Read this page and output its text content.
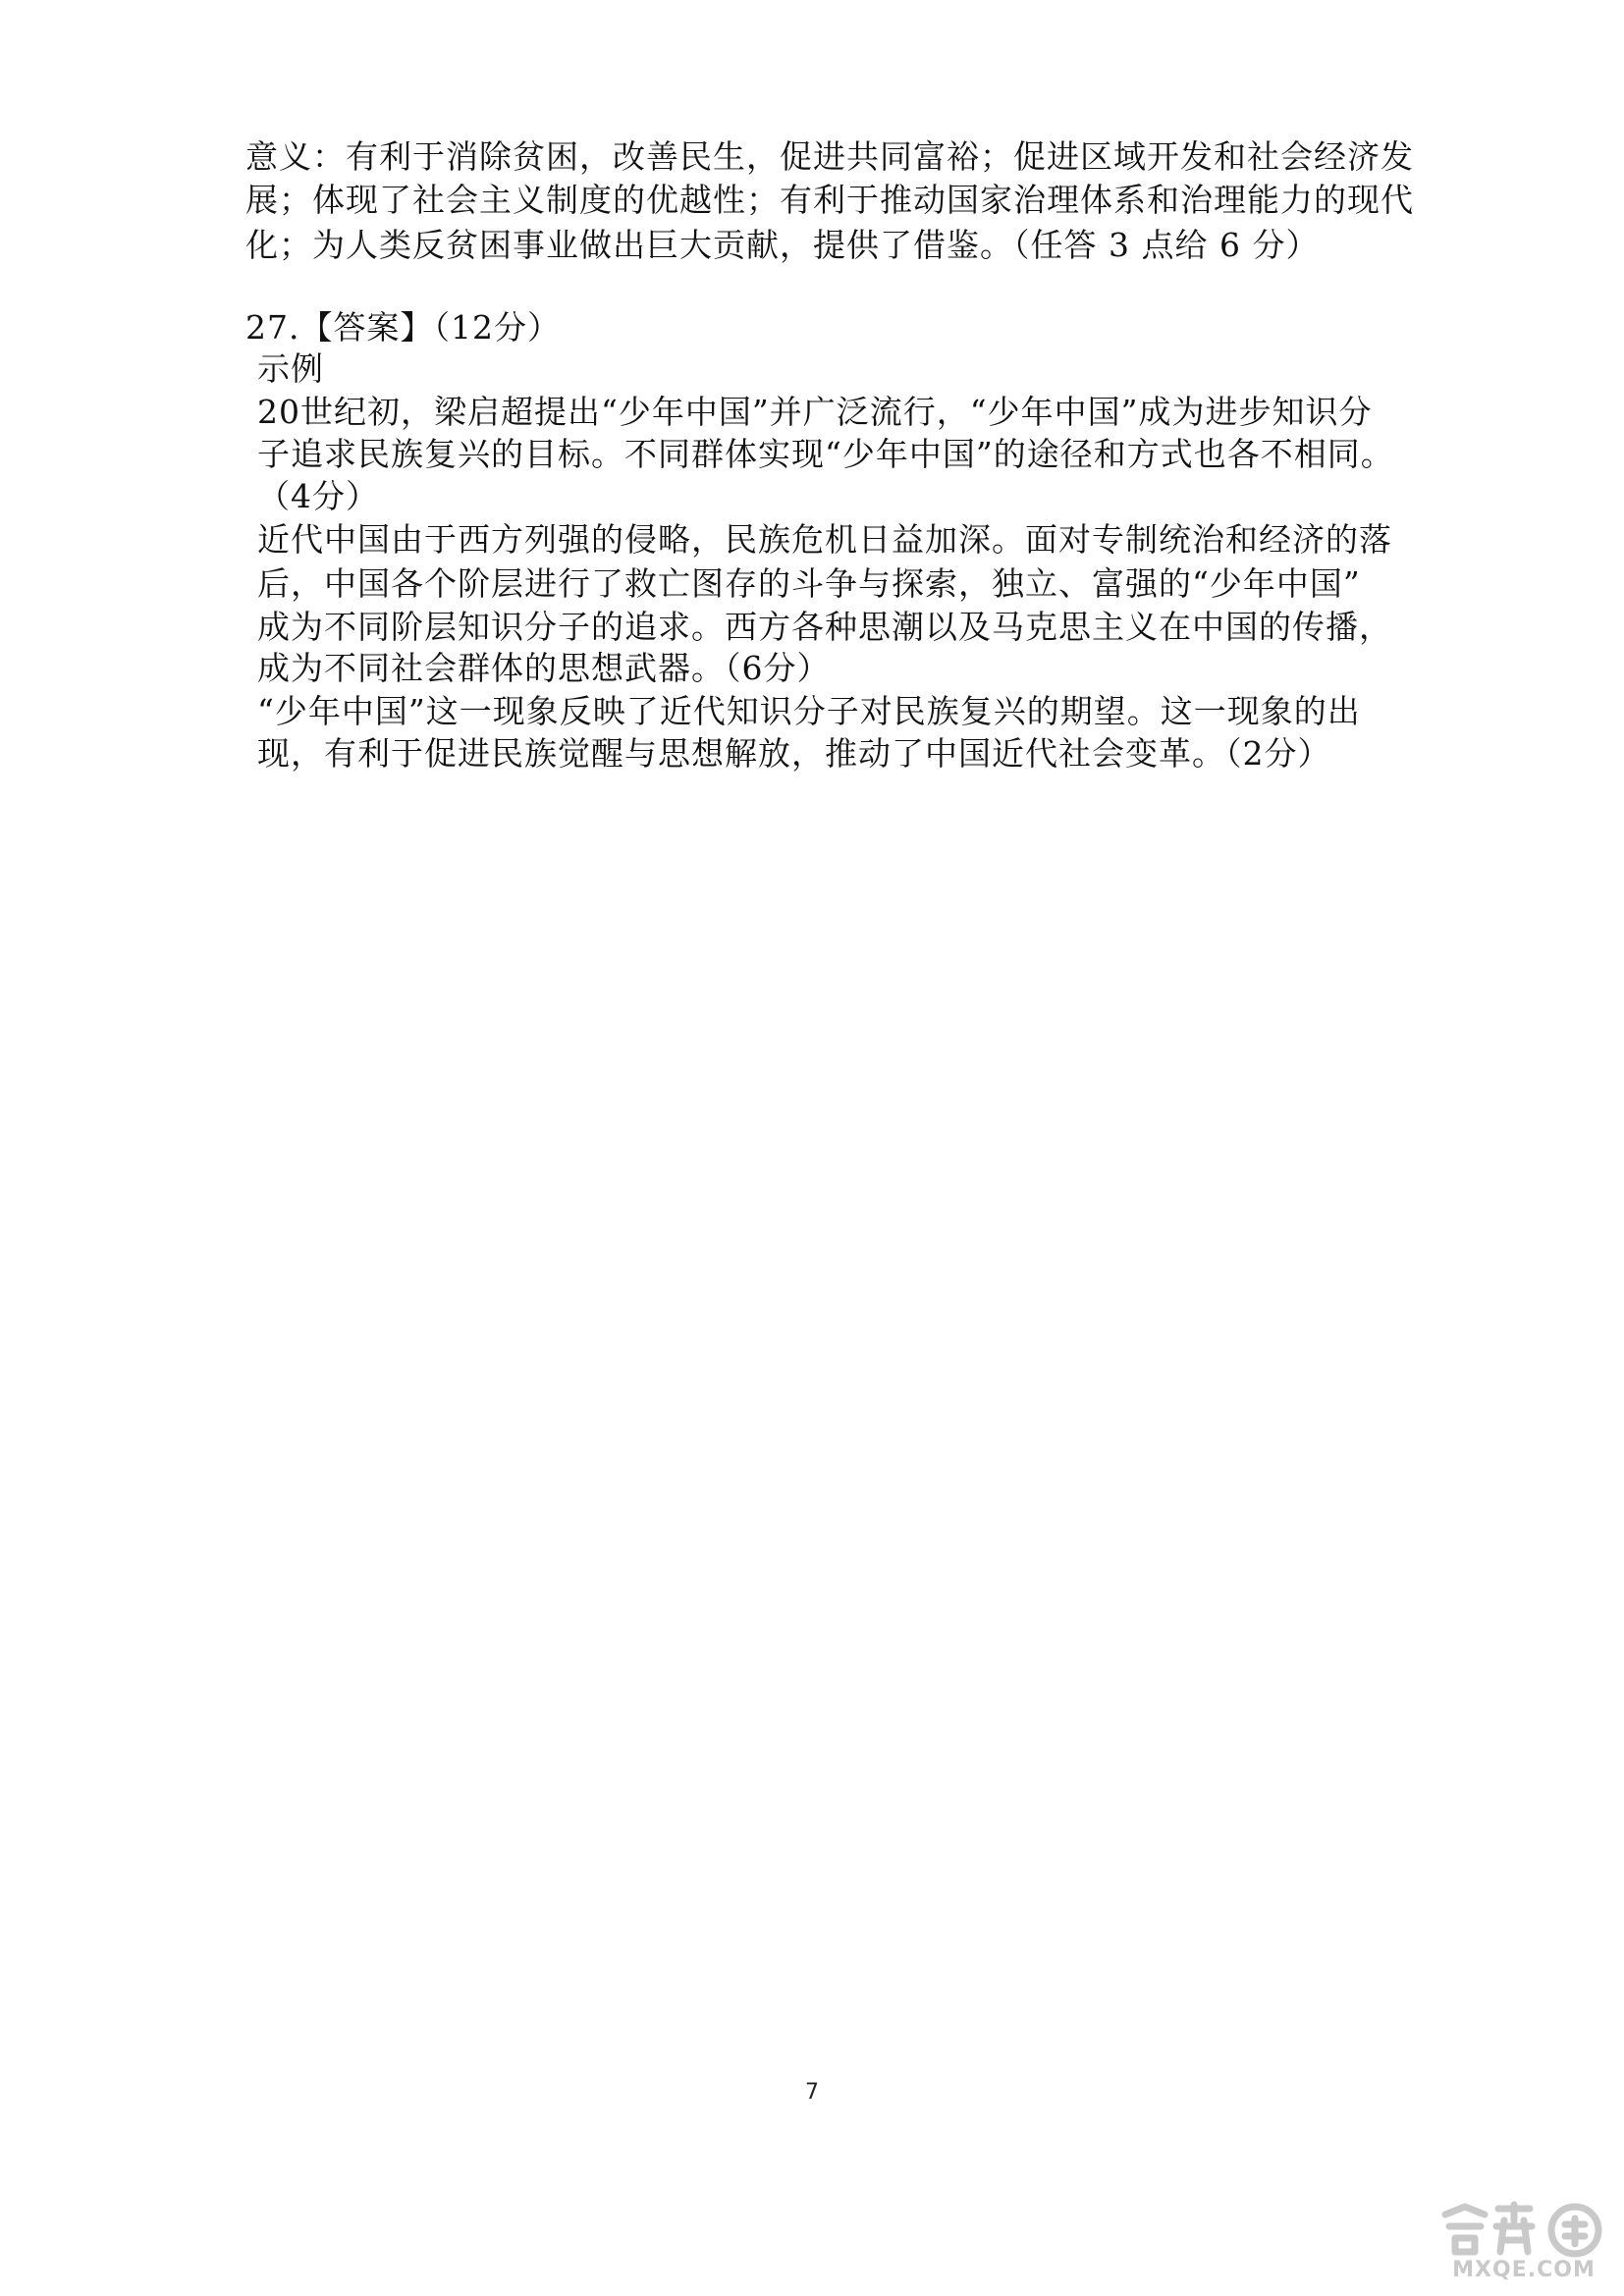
意义：有利于消除贫困，改善民生，促进共同富裕；促进区域开发和社会经济发
展；体现了社会主义制度的优越性；有利于推动国家治理体系和治理能力的现代
化；为人类反贫困事业做出巨大贡献，提供了借鉴。（任答 3 点给 6 分）
27.【答案】（12分）
示例
20世纪初，梁启超提出“少年中国”并广泛流行，“少年中国”成为进步知识分
子追求民族复兴的目标。不同群体实现“少年中国”的途径和方式也各不相同。
（4分）
近代中国由于西方列强的侵略，民族危机日益加深。面对专制统治和经济的落
后，中国各个阶层进行了救亡图存的斗争与探索，独立、富强的“少年中国”
成为不同阶层知识分子的追求。西方各种思潮以及马克思主义在中国的传播，
成为不同社会群体的思想武器。（6分）
“少年中国”这一现象反映了近代知识分子对民族复兴的期望。这一现象的出
现，有利于促进民族觉醒与思想解放，推动了中国近代社会变革。（2分）
7
MXQE.COM
